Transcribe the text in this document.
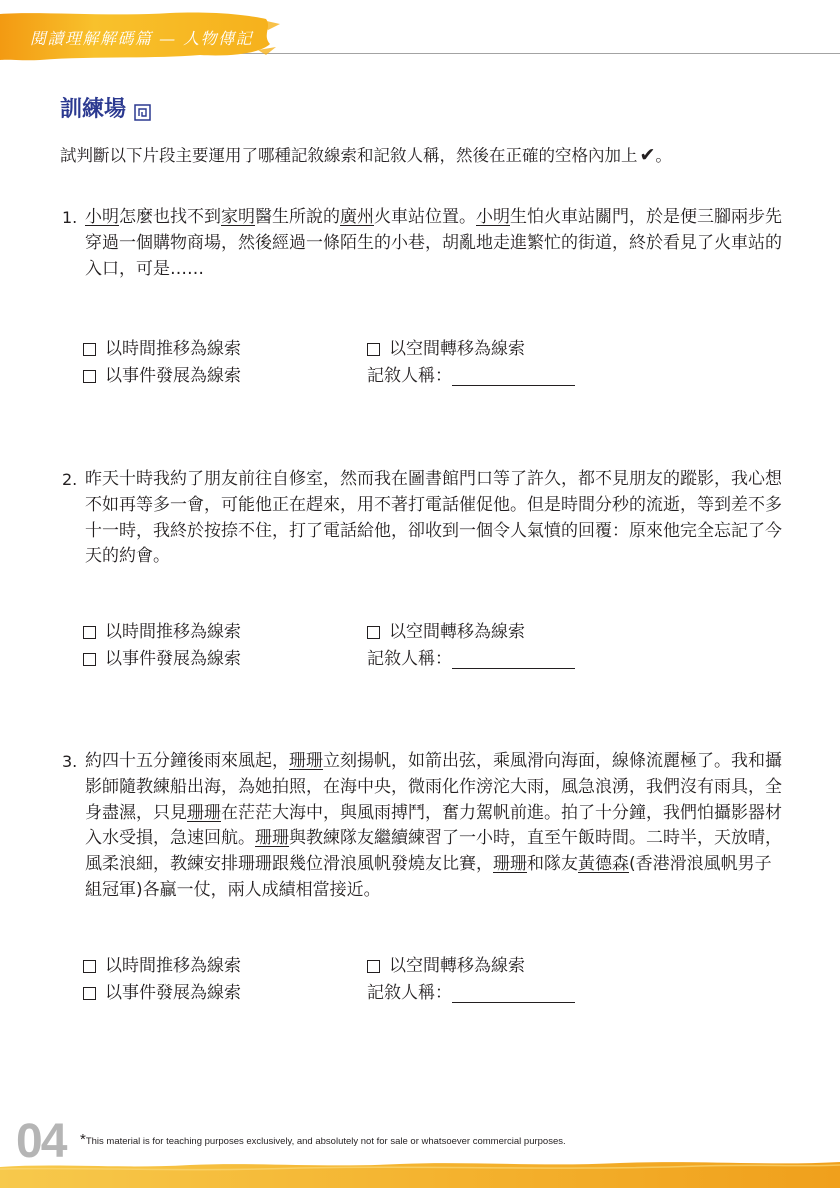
閱讀理解解碼篇 — 人物傳記
訓練場
試判斷以下片段主要運用了哪種記敘線索和記敘人稱，然後在正確的空格內加上 ✔。
1. 小明怎麼也找不到家明醫生所說的廣州火車站位置。小明生怕火車站關門，於是便三腳兩步先
穿過一個購物商場，然後經過一條陌生的小巷，胡亂地走進繁忙的街道，終於看見了火車站的
入口，可是……
以時間推移為線索	以空間轉移為線索
以事件發展為線索	記敘人稱：
2. 昨天十時我約了朋友前往自修室，然而我在圖書館門口等了許久，都不見朋友的蹤影，我心想
不如再等多一會，可能他正在趕來，用不著打電話催促他。但是時間分秒的流逝，等到差不多
十一時，我終於按捺不住，打了電話給他，卻收到一個令人氣憤的回覆：原來他完全忘記了今
天的約會。
以時間推移為線索	以空間轉移為線索
以事件發展為線索	記敘人稱：
3. 約四十五分鐘後雨來風起，珊珊立刻揚帆，如箭出弦，乘風滑向海面，線條流麗極了。我和攝
影師隨教練船出海，為她拍照，在海中央，微雨化作滂沱大雨，風急浪湧，我們沒有雨具，全
身盡濕，只見珊珊在茫茫大海中，與風雨搏鬥，奮力駕帆前進。拍了十分鐘，我們怕攝影器材
入水受損，急速回航。珊珊與教練隊友繼續練習了一小時，直至午飯時間。二時半，天放晴，
風柔浪細，教練安排珊珊跟幾位滑浪風帆發燒友比賽，珊珊和隊友黃德森(香港滑浪風帆男子
組冠軍)各贏一仗，兩人成績相當接近。
以時間推移為線索	以空間轉移為線索
以事件發展為線索	記敘人稱：
04 *This material is for teaching purposes exclusively, and absolutely not for sale or whatsoever commercial purposes.
